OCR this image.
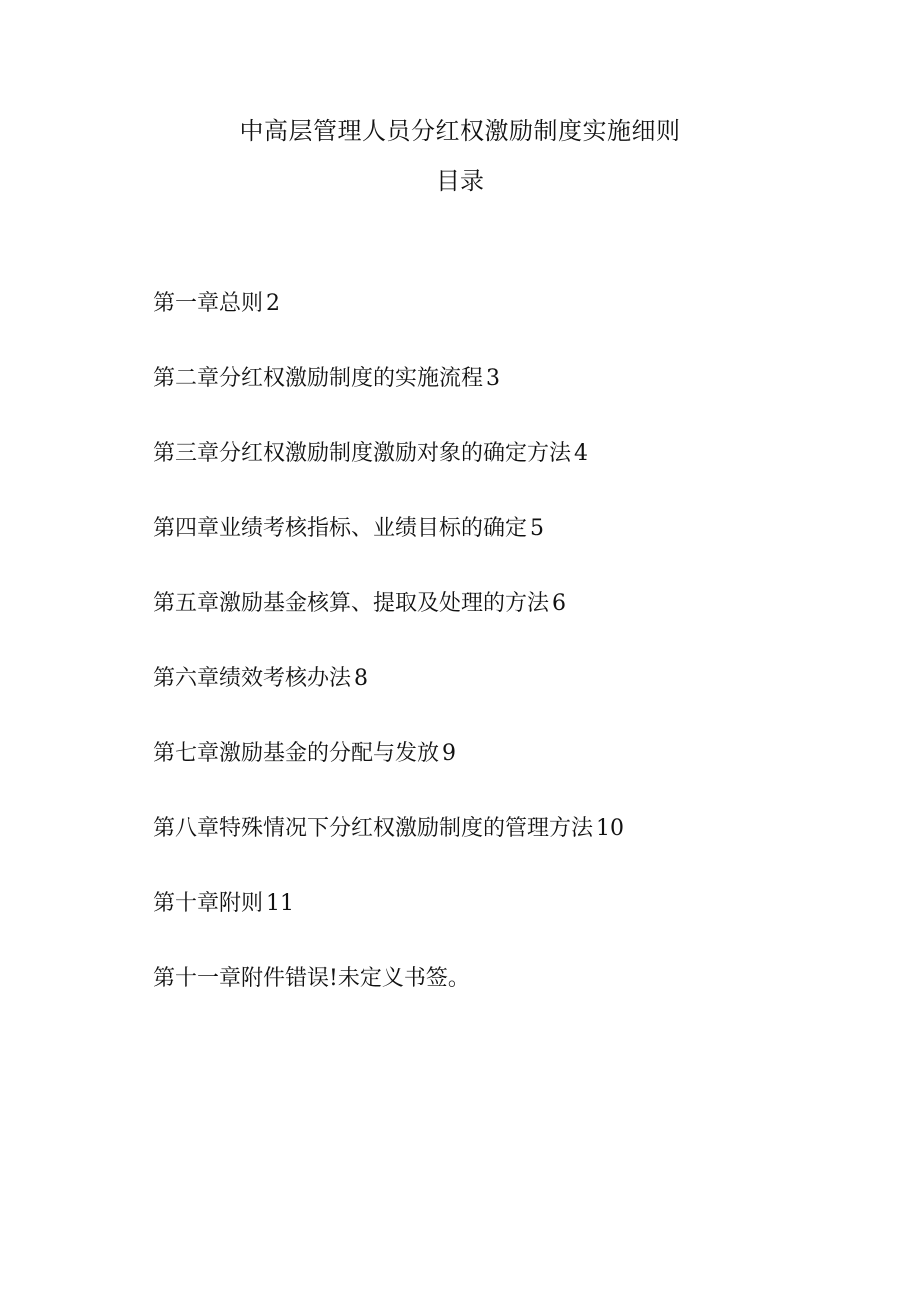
中高层管理人员分红权激励制度实施细则
目录
第一章总则 2
第二章分红权激励制度的实施流程 3
第三章分红权激励制度激励对象的确定方法 4
第四章业绩考核指标、业绩目标的确定 5
第五章激励基金核算、提取及处理的方法 6
第六章绩效考核办法 8
第七章激励基金的分配与发放 9
第八章特殊情况下分红权激励制度的管理方法 10
第十章附则 11
第十一章附件错误!未定义书签。
